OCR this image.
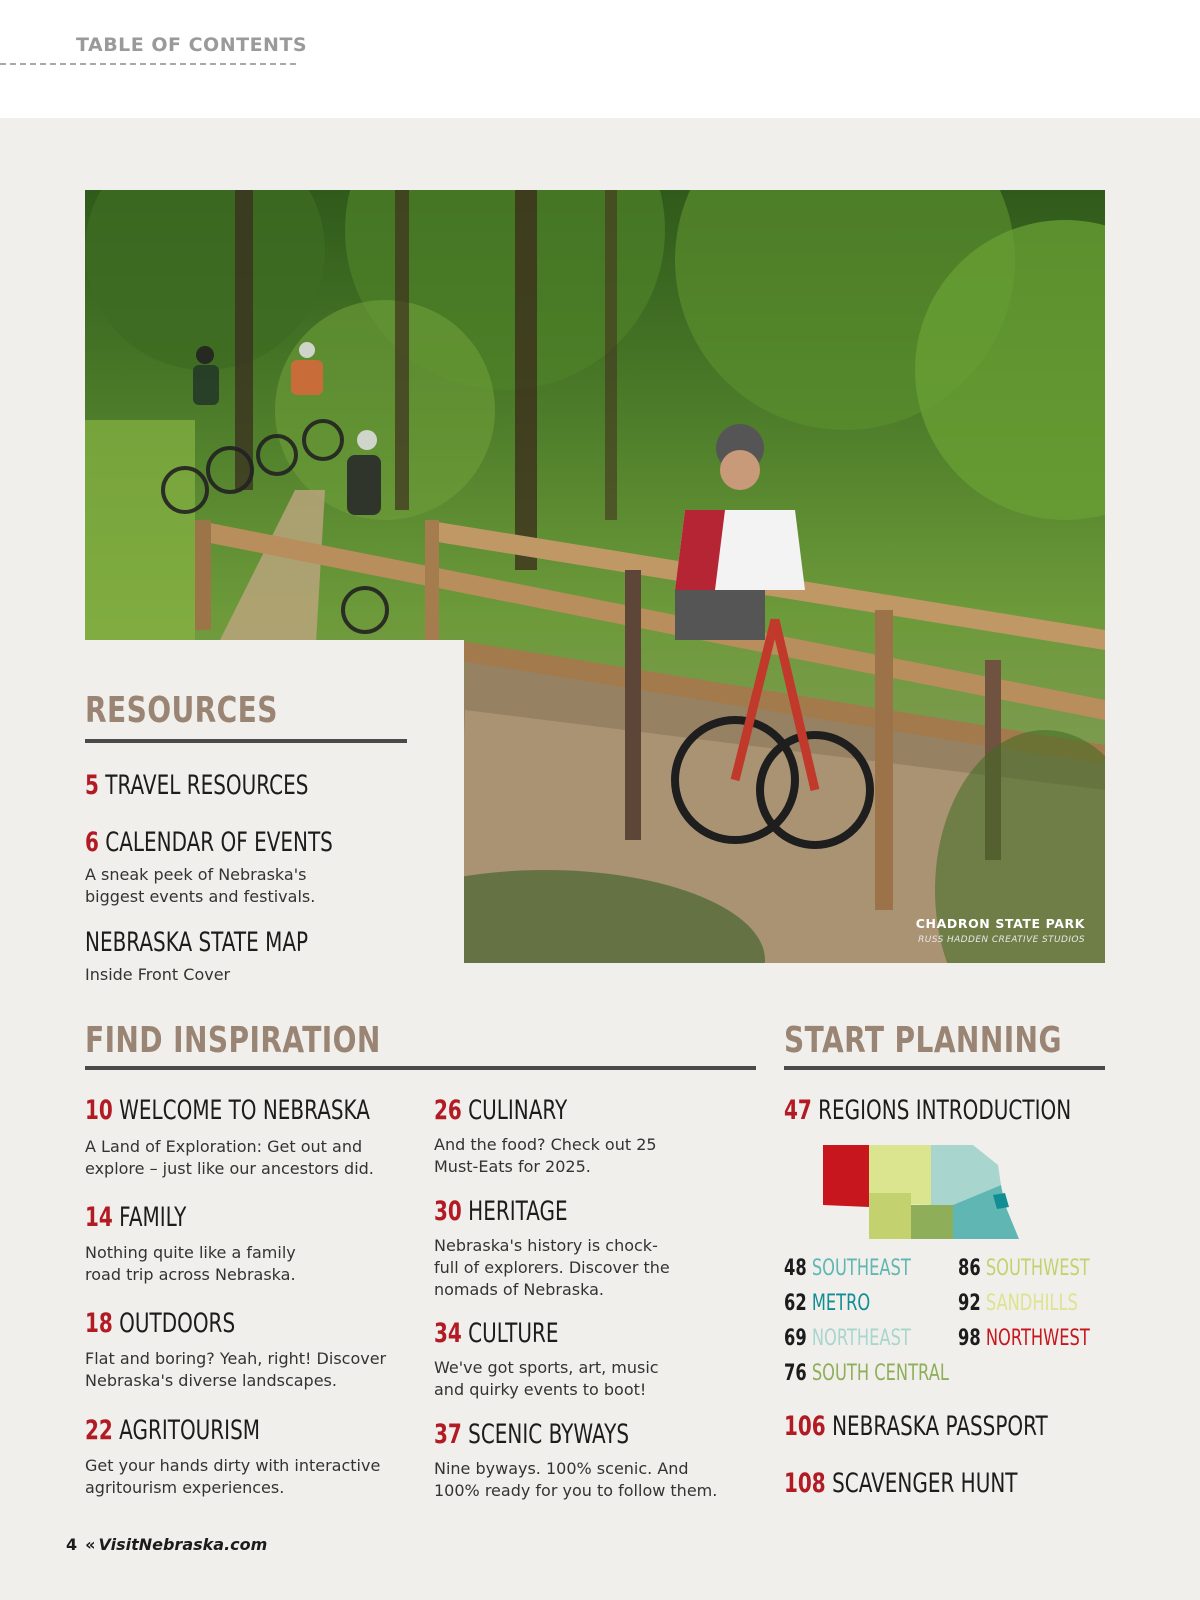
TABLE OF CONTENTS
CHADRON STATE PARK
RUSS HADDEN CREATIVE STUDIOS
RESOURCES
5 TRAVEL RESOURCES
6 CALENDAR OF EVENTS
A sneak peek of Nebraska's
biggest events and festivals.
NEBRASKA STATE MAP
Inside Front Cover
FIND INSPIRATION
10 WELCOME TO NEBRASKA
A Land of Exploration: Get out and
explore – just like our ancestors did.
14 FAMILY
Nothing quite like a family
road trip across Nebraska.
18 OUTDOORS
Flat and boring? Yeah, right! Discover
Nebraska's diverse landscapes.
22 AGRITOURISM
Get your hands dirty with interactive
agritourism experiences.
26 CULINARY
And the food? Check out 25
Must-Eats for 2025.
30 HERITAGE
Nebraska's history is chock-
full of explorers. Discover the
nomads of Nebraska.
34 CULTURE
We've got sports, art, music
and quirky events to boot!
37 SCENIC BYWAYS
Nine byways. 100% scenic. And
100% ready for you to follow them.
START PLANNING
47 REGIONS INTRODUCTION
48 SOUTHEAST
62 METRO
69 NORTHEAST
76 SOUTH CENTRAL
86 SOUTHWEST
92 SANDHILLS
98 NORTHWEST
106 NEBRASKA PASSPORT
108 SCAVENGER HUNT
4 « VisitNebraska.com
